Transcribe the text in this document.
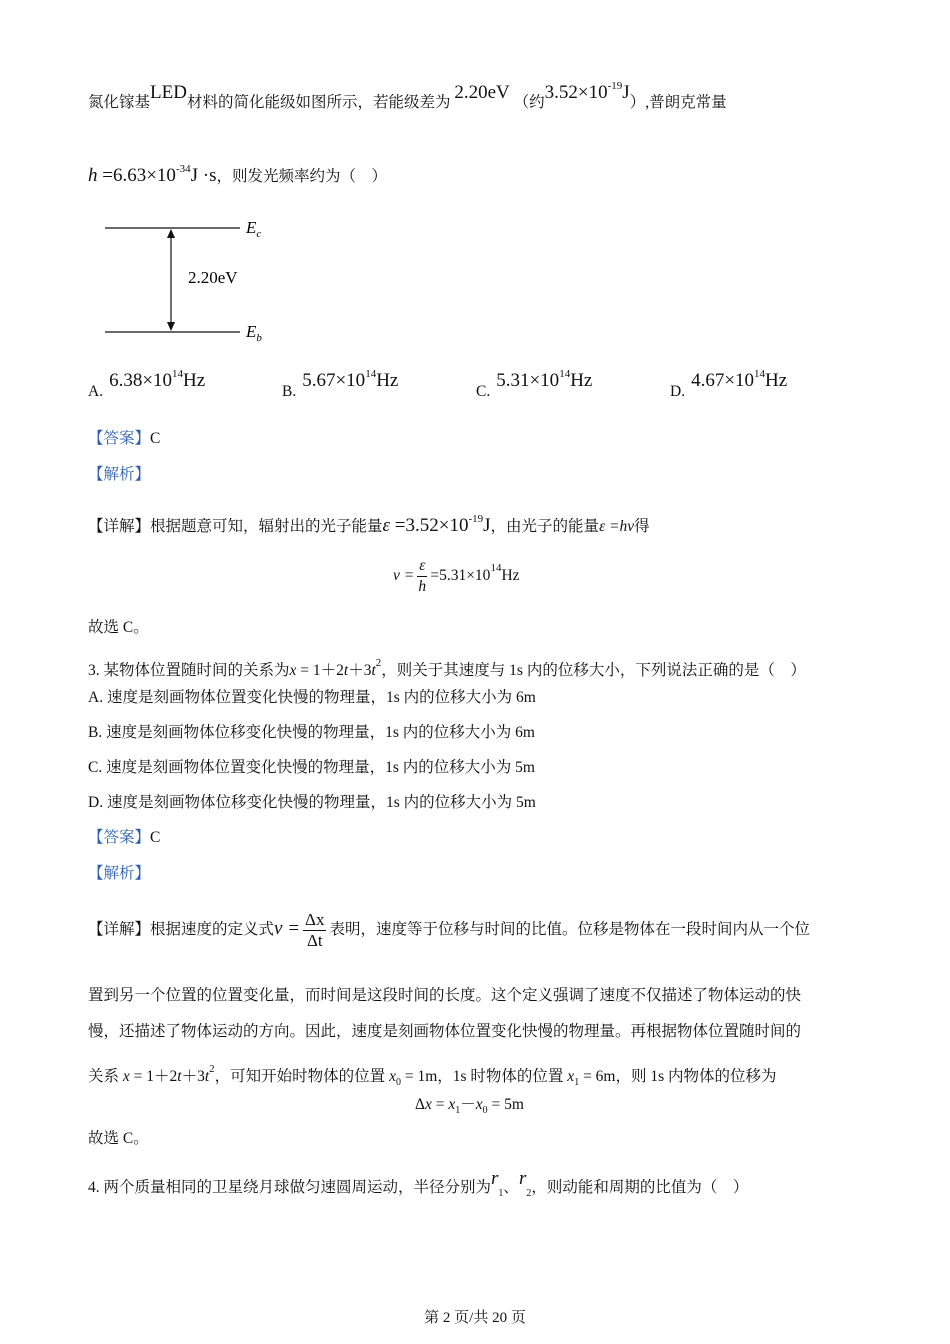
氮化镓基LED材料的简化能级如图所示，若能级差为 2.20eV （约$3.52\times 10^{-19}J$）,普朗克常量
$h =6.63\times 10^{-34}J \cdot s$，则发光频率约为（　）
$E_c$
$E_b$
2.20eV
$A.6.38\times 10^{14}Hz$
$B.5.67\times 10^{14}Hz$
$C.5.31\times 10^{14}Hz$
$D.4.67\times 10^{14}Hz$
【答案】C
【解析】
【详解】根据题意可知，辐射出的光子能量$\varepsilon =3.52\times 10^{-19}J$，由光子的能量ε =hν得
$\nu = \frac{\varepsilon}{h} =5.31\times 10^{14}Hz$
故选 C。
3. 某物体位置随时间的关系为$x = 1+2t+3t^2$，则关于其速度与 1s 内的位移大小，下列说法正确的是（　）
A. 速度是刻画物体位置变化快慢的物理量，1s 内的位移大小为 6m
B. 速度是刻画物体位移变化快慢的物理量，1s 内的位移大小为 6m
C. 速度是刻画物体位置变化快慢的物理量，1s 内的位移大小为 5m
D. 速度是刻画物体位移变化快慢的物理量，1s 内的位移大小为 5m
【答案】C
【解析】
【详解】根据速度的定义式$v = \frac{\Delta x}{\Delta t}$ 表明，速度等于位移与时间的比值。位移是物体在一段时间内从一个位
置到另一个位置的位置变化量，而时间是这段时间的长度。这个定义强调了速度不仅描述了物体运动的快
慢，还描述了物体运动的方向。因此，速度是刻画物体位置变化快慢的物理量。再根据物体位置随时间的
关系 $x = 1+2t+3t^2$，可知开始时物体的位置 $x_0 = 1m$，1s 时物体的位置 $x_1 = 6m$，则 1s 内物体的位移为
$\Delta x = x_1-x_0 = 5m$
故选 C。
4. 两个质量相同的卫星绕月球做匀速圆周运动，半径分别为$r_1$、$r_2$，则动能和周期的比值为（　）
第 2 页/共 20 页
